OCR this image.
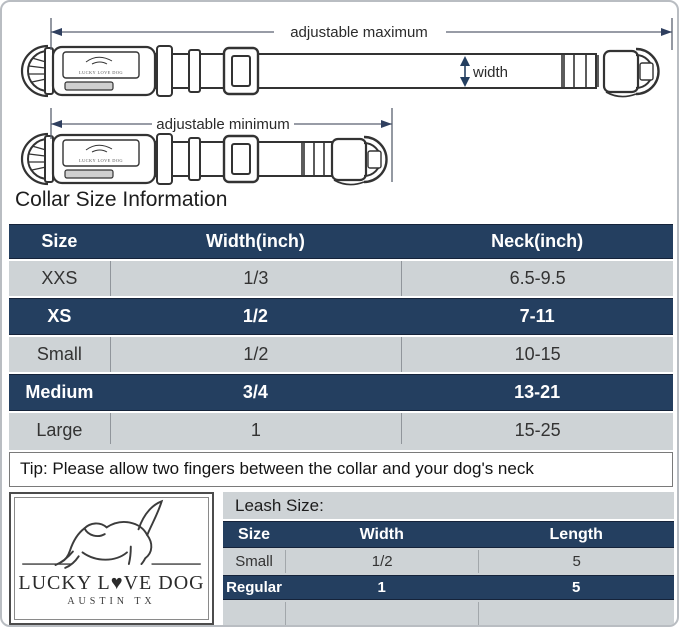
LUCKY LOVE DOG
adjustable maximum
width
LUCKY LOVE DOG
adjustable minimum
Collar Size Information
Size	Width(inch)	Neck(inch)
XXS	1/3	6.5-9.5
XS	1/2	7-11
Small	1/2	10-15
Medium	3/4	13-21
Large	1	15-25
Tip: Please allow two fingers between the collar and your dog's neck
LUCKY L♥VE DOG
AUSTIN TX
Leash Size:
Size	Width	Length
Small	1/2	5
Regular	1	5
